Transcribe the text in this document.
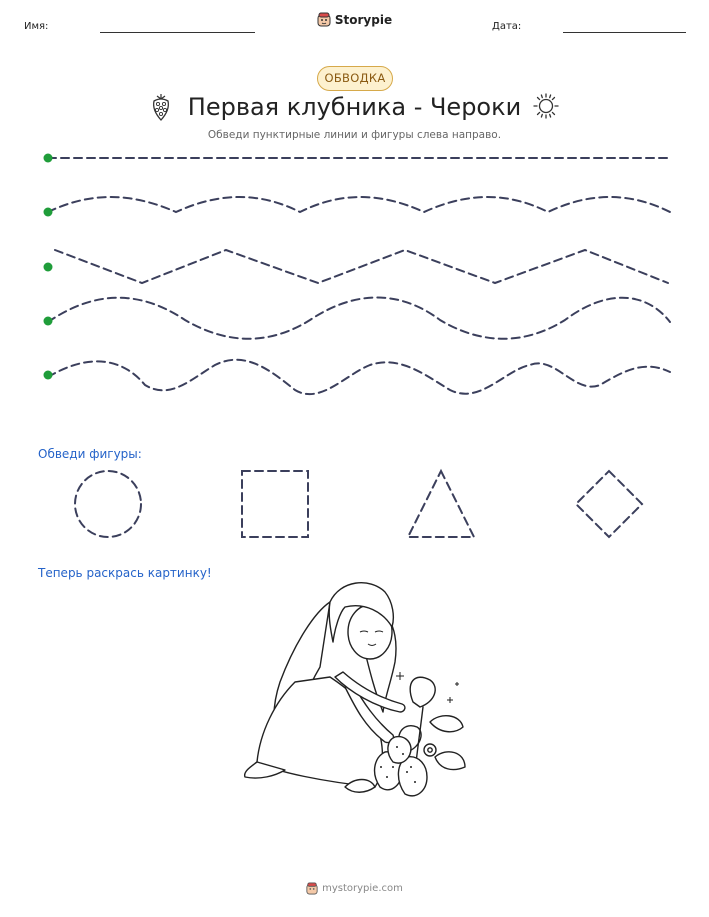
Имя:	Storypie	Дата:
ОБВОДКА
Первая клубника - Чероки
Обведи пунктирные линии и фигуры слева направо.
Обведи фигуры:
Теперь раскрась картинку!
mystorypie.com
